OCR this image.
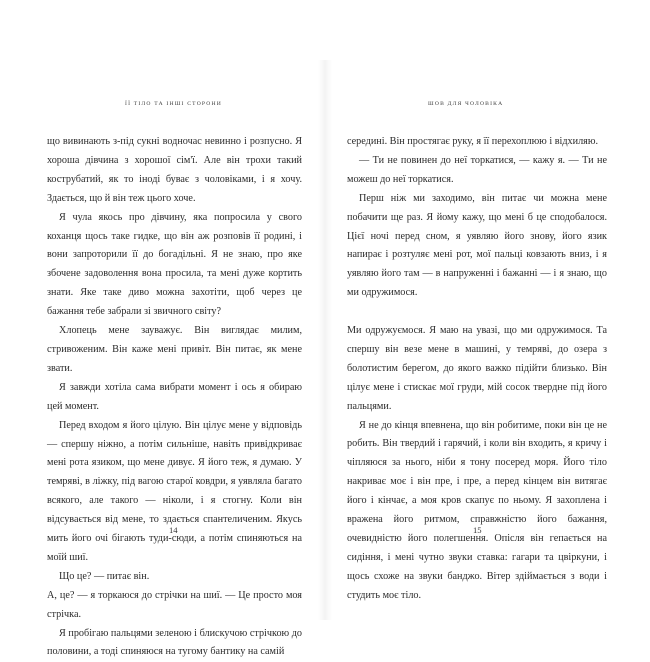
ЇЇ ТІЛО ТА ІНШІ СТОРОНИ

що вивинають з-під сукні водночас невинно і розпусно. Я хороша дівчина з хорошої сім'ї. Але він трохи такий кострубатий, як то іноді буває з чоловіками, і я хочу. Здається, що й він теж цього хоче.

Я чула якось про дівчину, яка попросила у свого коханця щось таке гидке, що він аж розповів її родині, і вони запроторили її до богадільні. Я не знаю, про яке збочене задоволення вона просила, та мені дуже кортить знати. Яке таке диво можна захотіти, щоб через це бажання тебе забрали зі звичного світу?

Хлопець мене зауважує. Він виглядає милим, стривоженим. Він каже мені привіт. Він питає, як мене звати.

Я завжди хотіла сама вибрати момент і ось я обираю цей момент.

Перед входом я його цілую. Він цілує мене у відповідь — спершу ніжно, а потім сильніше, навіть привідкриває мені рота язиком, що мене дивує. Я його теж, я думаю. У темряві, в ліжку, під вагою старої ковдри, я уявляла багато всякого, але такого — ніколи, і я стогну. Коли він відсувається від мене, то здається спантеличеним. Якусь мить його очі бігають туди-сюди, а потім спиняються на моїй шиї.

Що це? — питає він.

А, це? — я торкаюся до стрічки на шиї. — Це просто моя стрічка.

Я пробігаю пальцями зеленою і блискучою стрічкою до половини, а тоді спиняюся на тугому бантику на самій

14
ШОВ ДЛЯ ЧОЛОВІКА

середині. Він простягає руку, я її перехоплюю і відхиляю.

— Ти не повинен до неї торкатися, — кажу я. — Ти не можеш до неї торкатися.

Перш ніж ми заходимо, він питає чи можна мене побачити ще раз. Я йому кажу, що мені б це сподобалося. Цієї ночі перед сном, я уявляю його знову, його язик напирає і розтуляє мені рот, мої пальці ковзають вниз, і я уявляю його там — в напруженні і бажанні — і я знаю, що ми одружимося.

Ми одружуємося. Я маю на увазі, що ми одружимося. Та спершу він везе мене в машині, у темряві, до озера з болотистим берегом, до якого важко підійти близько. Він цілує мене і стискає мої груди, мій сосок твердне під його пальцями.

Я не до кінця впевнена, що він робитиме, поки він це не робить. Він твердий і гарячий, і коли він входить, я кричу і чіпляюся за нього, ніби я тону посеред моря. Його тіло накриває моє і він пре, і пре, а перед кінцем він витягає його і кінчає, а моя кров скапує по ньому. Я захоплена і вражена його ритмом, справжністю його бажання, очевидністю його полегшення. Опісля він гепається на сидіння, і мені чутно звуки ставка: гагари та цвіркуни, і щось схоже на звуки банджо. Вітер здіймається з води і студить моє тіло.

15
